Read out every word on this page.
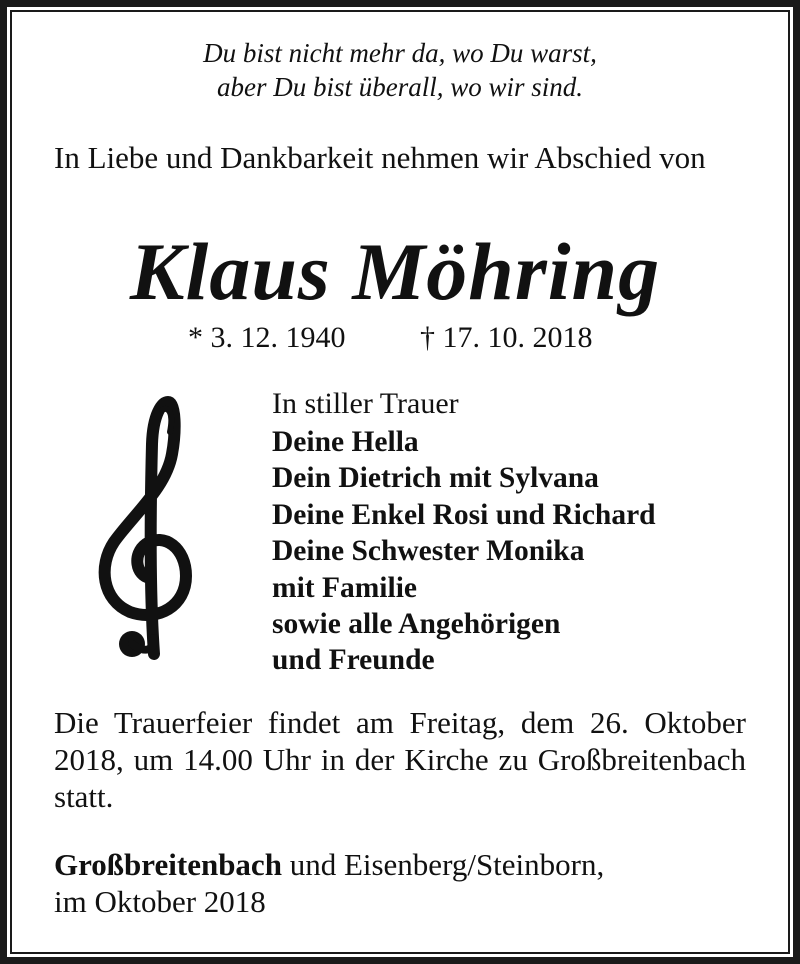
Du bist nicht mehr da, wo Du warst,
aber Du bist überall, wo wir sind.
In Liebe und Dankbarkeit nehmen wir Abschied von
Klaus Möhring
* 3. 12. 1940 † 17. 10. 2018
In stiller Trauer
Deine Hella
Dein Dietrich mit Sylvana
Deine Enkel Rosi und Richard
Deine Schwester Monika
mit Familie
sowie alle Angehörigen
und Freunde
Die Trauerfeier findet am Freitag, dem 26. Oktober 2018, um 14.00 Uhr in der Kirche zu Großbreitenbach statt.
Großbreitenbach und Eisenberg/Steinborn,
im Oktober 2018
